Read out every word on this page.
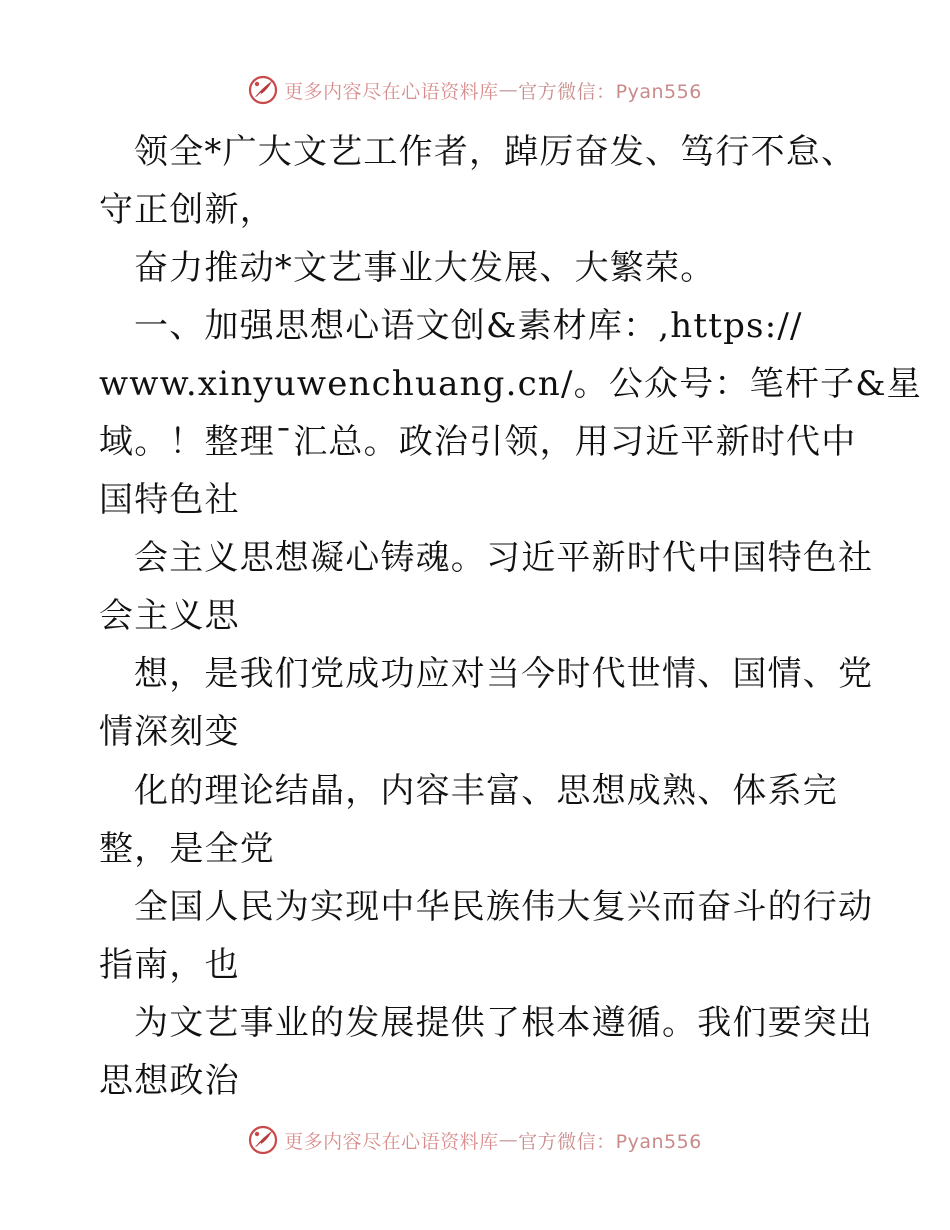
更多内容尽在心语资料库 — 官方微信：Pyan556
领全*广大文艺工作者，踔厉奋发、笃行不怠、
守正创新，
奋力推动*文艺事业大发展、大繁荣。
一、加强思想心语文创&素材库：,https://
www.xinyuwenchuang.cn/。公众号：笔杆子&星
域。！整理¯汇总。政治引领，用习近平新时代中
国特色社
会主义思想凝心铸魂。习近平新时代中国特色社
会主义思
想，是我们党成功应对当今时代世情、国情、党
情深刻变
化的理论结晶，内容丰富、思想成熟、体系完
整，是全党
全国人民为实现中华民族伟大复兴而奋斗的行动
指南，也
为文艺事业的发展提供了根本遵循。我们要突出
思想政治
更多内容尽在心语资料库 — 官方微信：Pyan556
